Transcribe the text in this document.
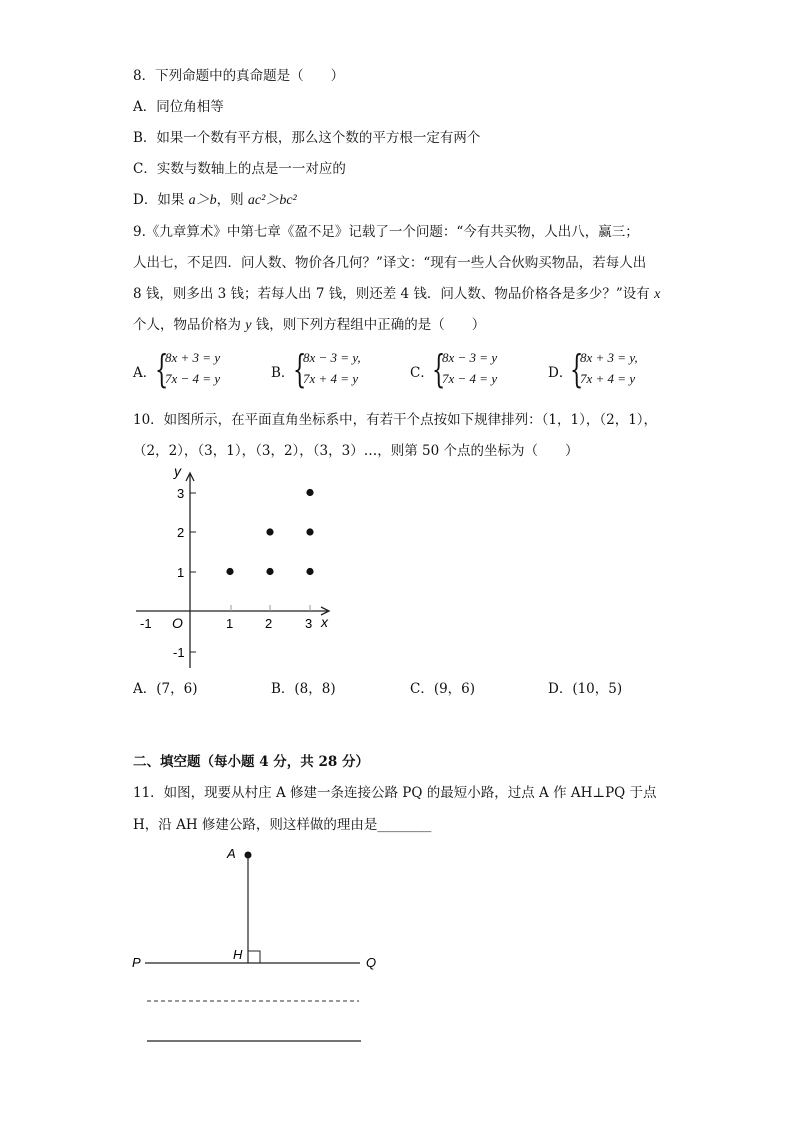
8．下列命题中的真命题是（　　）
A．同位角相等
B．如果一个数有平方根，那么这个数的平方根一定有两个
C．实数与数轴上的点是一一对应的
D．如果 a＞b，则 ac²＞bc²
9.《九章算术》中第七章《盈不足》记载了一个问题：“今有共买物，人出八，赢三；
人出七，不足四．问人数、物价各几何？”译文：“现有一些人合伙购买物品，若每人出
8 钱，则多出 3 钱；若每人出 7 钱，则还差 4 钱．问人数、物品价格各是多少？”设有 x
个人，物品价格为 y 钱，则下列方程组中正确的是（　　）
A．
{
8x + 3 = y
7x − 4 = y	B．
{
8x − 3 = y,
7x + 4 = y	C．
{
8x − 3 = y
7x − 4 = y	D．
{
8x + 3 = y,
7x + 4 = y
10．如图所示，在平面直角坐标系中，有若干个点按如下规律排列：（1，1），（2，1），
（2，2），（3，1），（3，2），（3，3）…，则第 50 个点的坐标为（　　）
y
x
O
-1	1 2	3
3
2
1
-1
A．(7，6)	B．(8，8)	C．(9，6)	D．(10，5)
二、填空题（每小题 4 分，共 28 分）
11．如图，现要从村庄 A 修建一条连接公路 PQ 的最短小路，过点 A 作 AH⊥PQ 于点
H，沿 AH 修建公路，则这样做的理由是________
A
H
P	Q
